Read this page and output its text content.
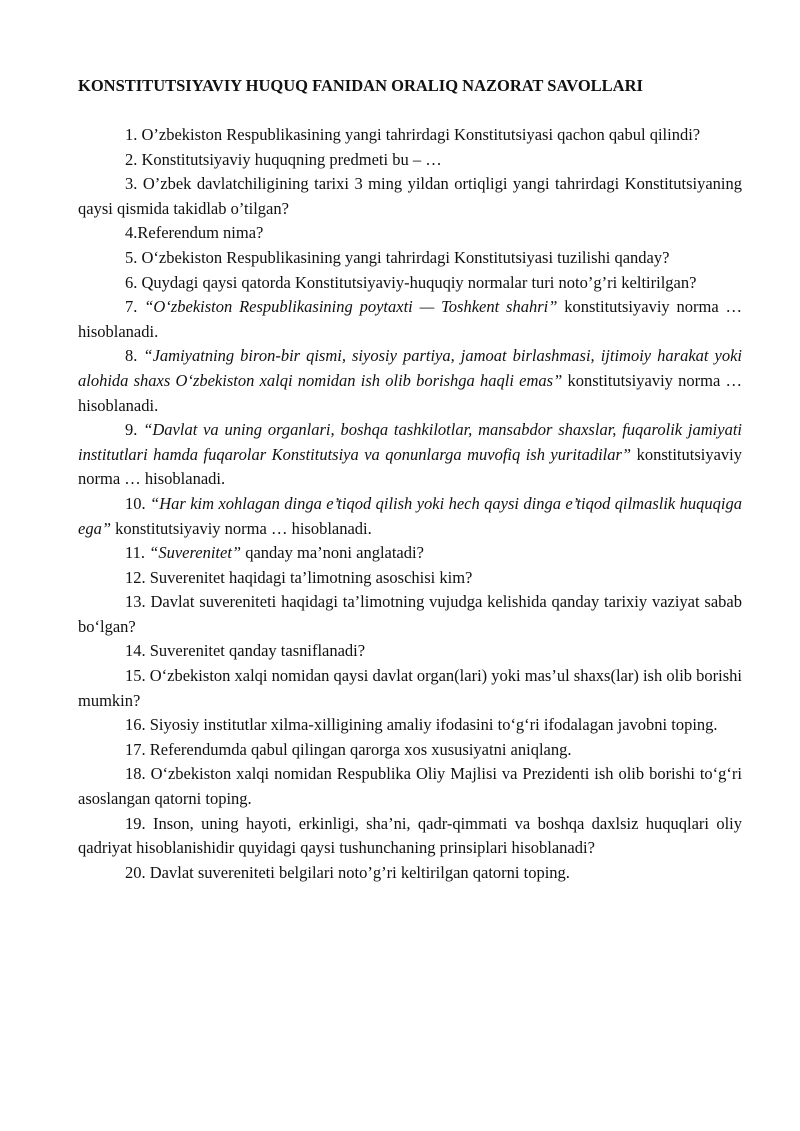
KONSTITUTSIYAVIY HUQUQ FANIDAN ORALIQ NAZORAT SAVOLLARI

1. O’zbekiston Respublikasining yangi tahrirdagi Konstitutsiyasi qachon qabul qilindi?

2. Konstitutsiyaviy huquqning predmeti bu – …

3. O’zbek davlatchiligining tarixi 3 ming yildan ortiqligi yangi tahrirdagi Konstitutsiyaning qaysi qismida takidlab o’tilgan?

4.Referendum nima?

5. O‘zbekiston Respublikasining yangi tahrirdagi Konstitutsiyasi tuzilishi qanday?

6. Quydagi qaysi qatorda Konstitutsiyaviy-huquqiy normalar turi noto’g’ri keltirilgan?

7. “O‘zbekiston Respublikasining poytaxti — Toshkent shahri” konstitutsiyaviy norma … hisoblanadi.

8. “Jamiyatning biron-bir qismi, siyosiy partiya, jamoat birlashmasi, ijtimoiy harakat yoki alohida shaxs O‘zbekiston xalqi nomidan ish olib borishga haqli emas” konstitutsiyaviy norma … hisoblanadi.

9. “Davlat va uning organlari, boshqa tashkilotlar, mansabdor shaxslar, fuqarolik jamiyati institutlari hamda fuqarolar Konstitutsiya va qonunlarga muvofiq ish yuritadilar” konstitutsiyaviy norma … hisoblanadi.

10. “Har kim xohlagan dinga e’tiqod qilish yoki hech qaysi dinga e’tiqod qilmaslik huquqiga ega” konstitutsiyaviy norma … hisoblanadi.

11. “Suverenitet” qanday ma’noni anglatadi?

12. Suverenitet haqidagi ta’limotning asoschisi kim?

13. Davlat suvereniteti haqidagi ta’limotning vujudga kelishida qanday tarixiy vaziyat sabab bo‘lgan?

14. Suverenitet qanday tasniflanadi?

15. O‘zbekiston xalqi nomidan qaysi davlat organ(lari) yoki mas’ul shaxs(lar) ish olib borishi mumkin?

16. Siyosiy institutlar xilma-xilligining amaliy ifodasini to‘g‘ri ifodalagan javobni toping.

17. Referendumda qabul qilingan qarorga xos xususiyatni aniqlang.

18. O‘zbekiston xalqi nomidan Respublika Oliy Majlisi va Prezidenti ish olib borishi to‘g‘ri asoslangan qatorni toping.

19. Inson, uning hayoti, erkinligi, sha’ni, qadr-qimmati va boshqa daxlsiz huquqlari oliy qadriyat hisoblanishidir quyidagi qaysi tushunchaning prinsiplari hisoblanadi?

20. Davlat suvereniteti belgilari noto’g’ri keltirilgan qatorni toping.
